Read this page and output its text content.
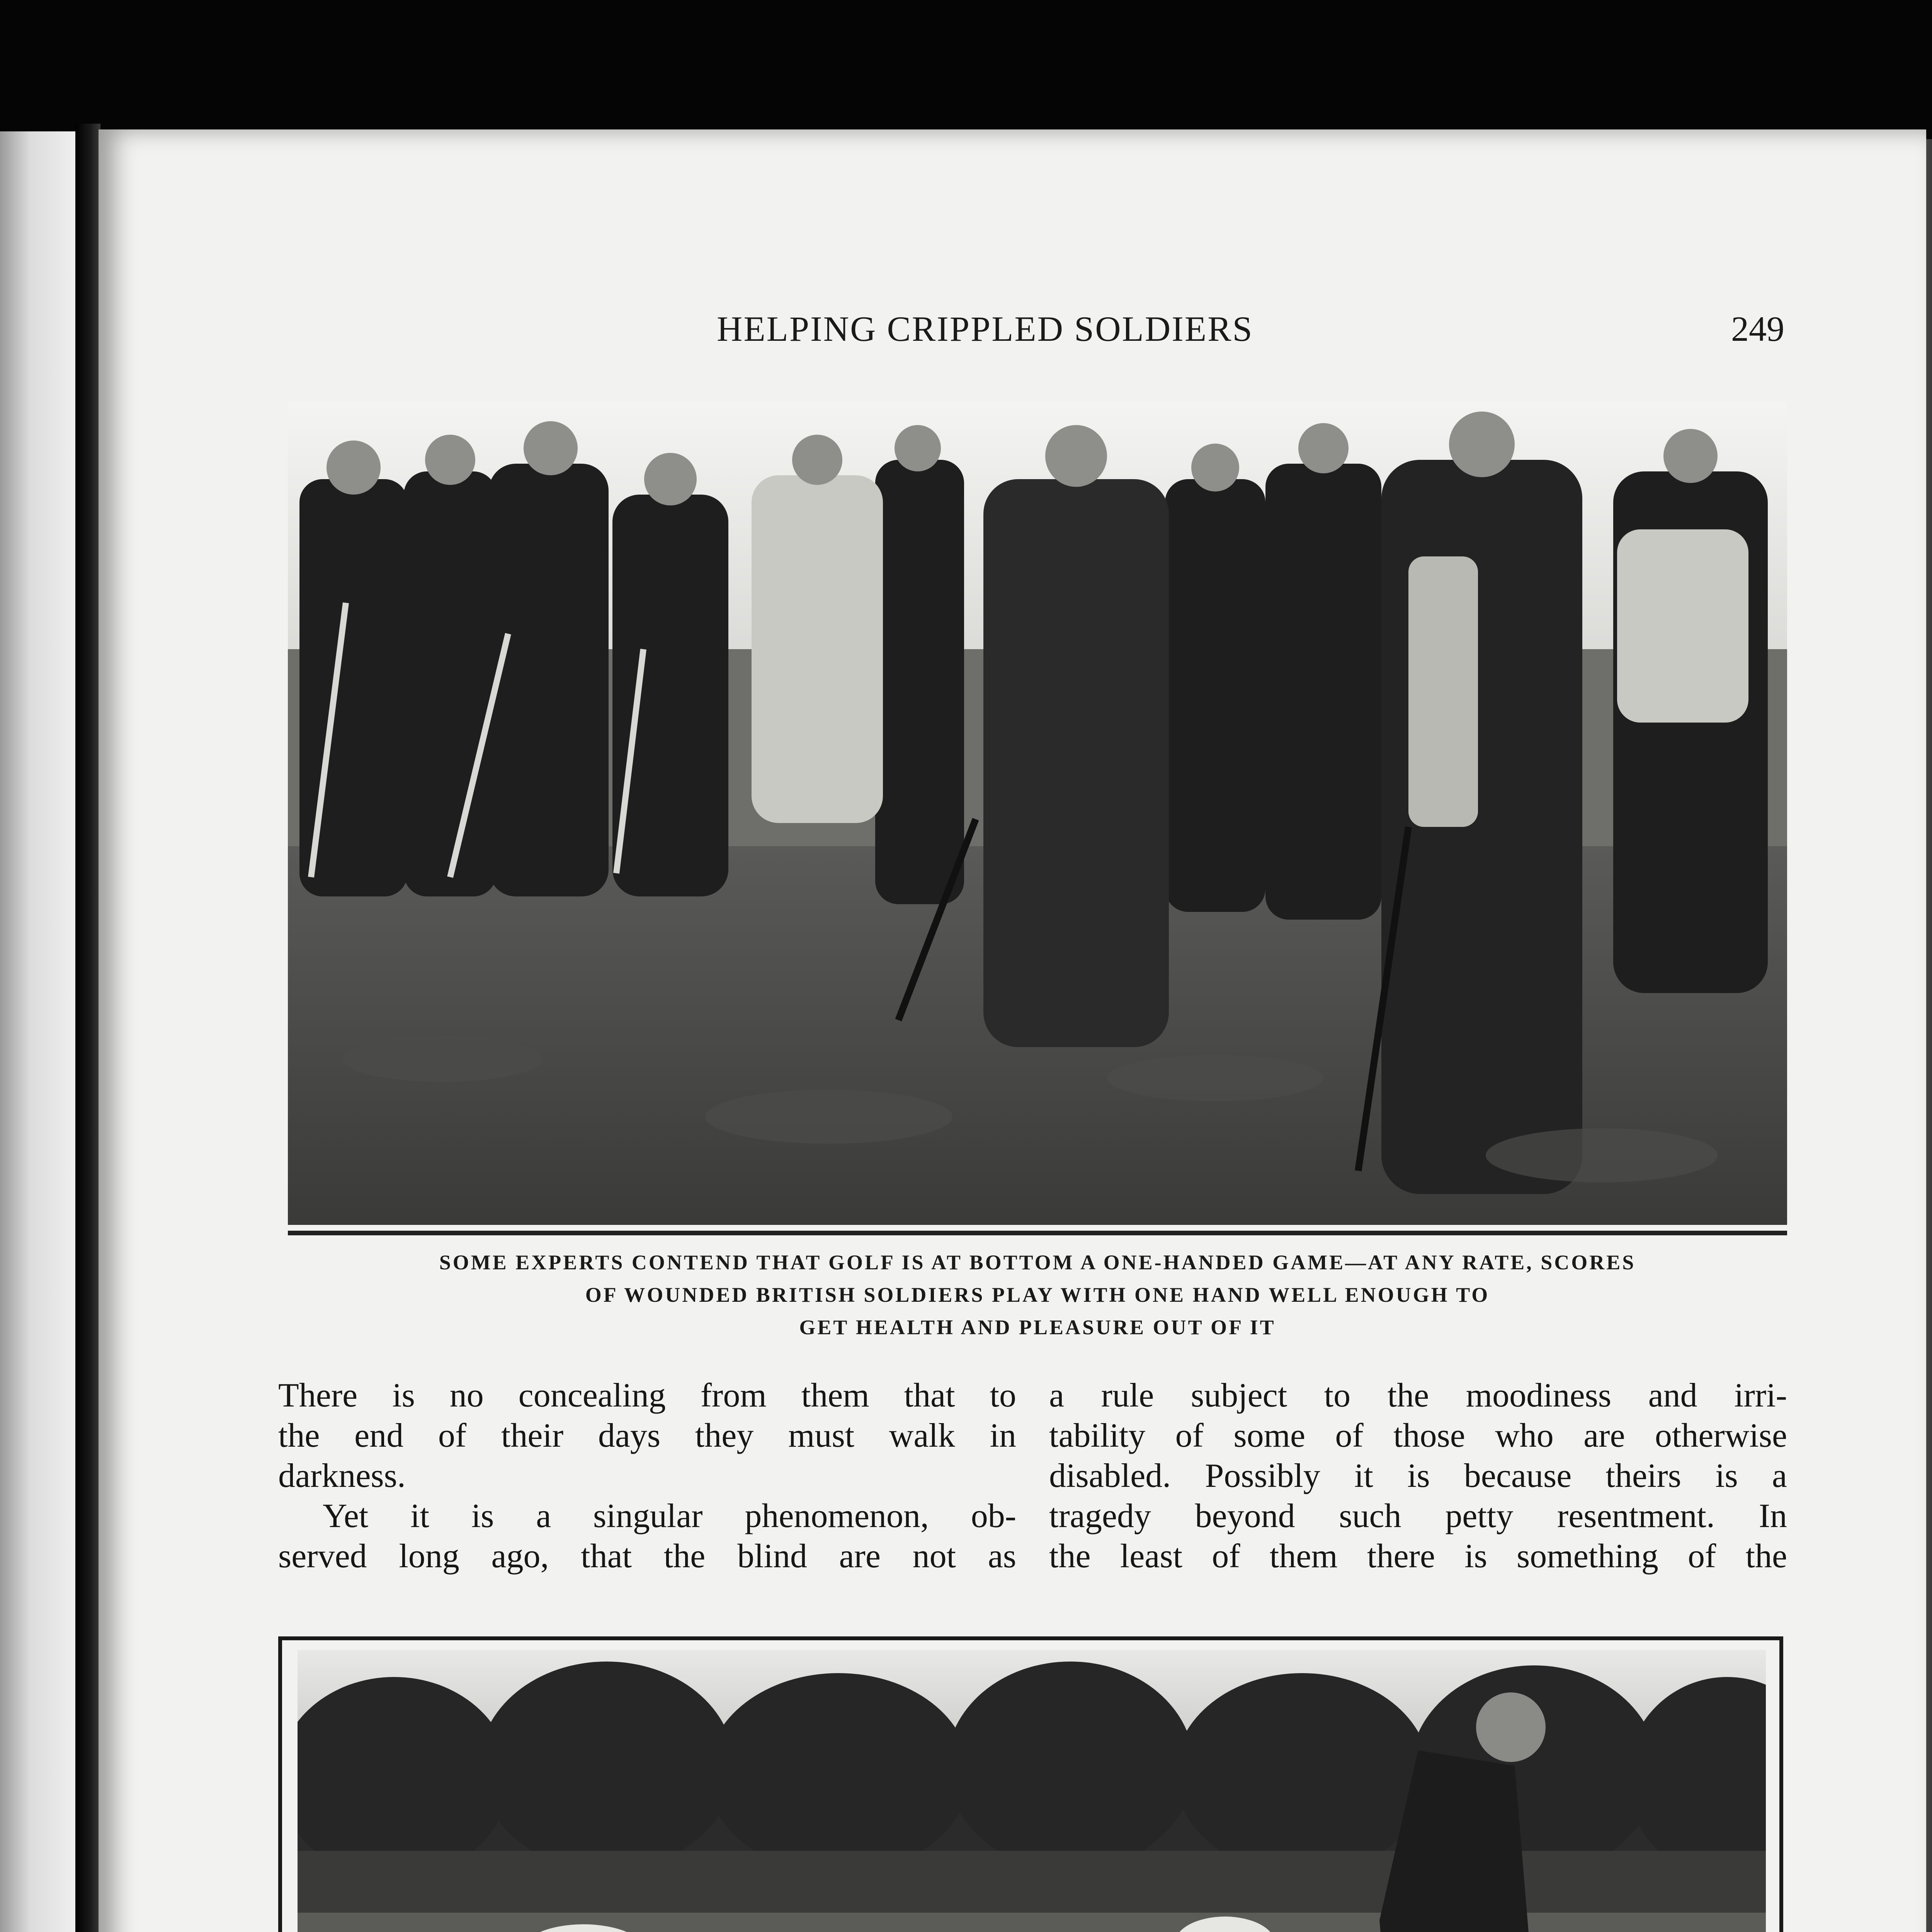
HELPING CRIPPLED SOLDIERS	249
SOME EXPERTS CONTEND THAT GOLF IS AT BOTTOM A ONE-HANDED GAME—AT ANY RATE, SCORES
OF WOUNDED BRITISH SOLDIERS PLAY WITH ONE HAND WELL ENOUGH TO
GET HEALTH AND PLEASURE OUT OF IT
There is no concealing from them that to
the end of their days they must walk in
darkness.
Yet it is a singular phenomenon, ob-
served long ago, that the blind are not as
a rule subject to the moodiness and irri-
tability of some of those who are otherwise
disabled. Possibly it is because theirs is a
tragedy beyond such petty resentment. In
the least of them there is something of the
